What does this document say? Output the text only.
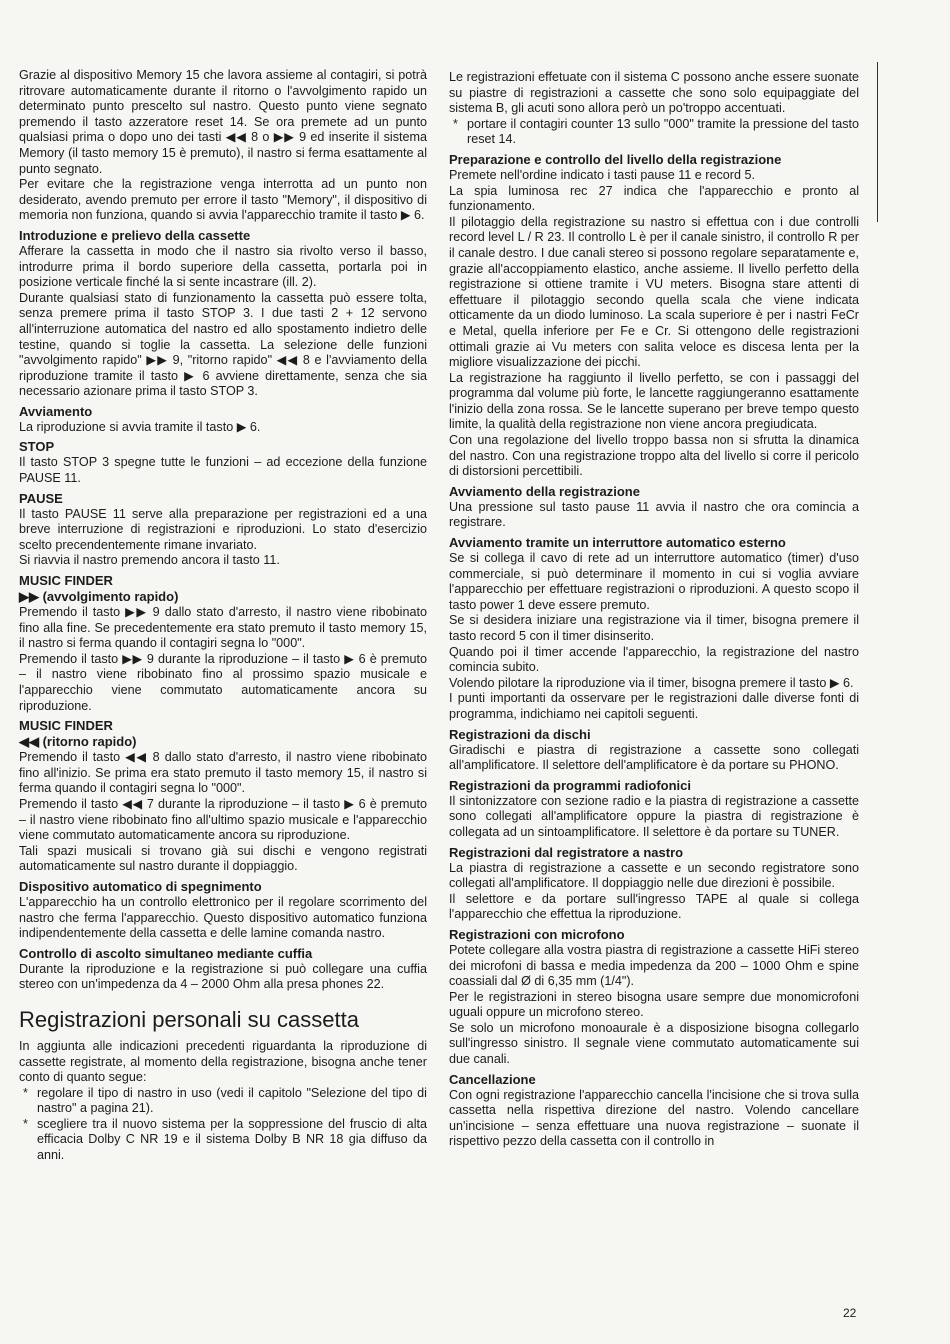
Grazie al dispositivo Memory 15 che lavora assieme al contagiri, si potrà ritrovare automaticamente durante il ritorno o l'avvolgimento rapido un determinato punto prescelto sul nastro. Questo punto viene segnato premendo il tasto azzeratore reset 14. Se ora premete ad un punto qualsiasi prima o dopo uno dei tasti ◀◀ 8 o ▶▶ 9 ed inserite il sistema Memory (il tasto memory 15 è premuto), il nastro si ferma esattamente al punto segnato.

Per evitare che la registrazione venga interrotta ad un punto non desiderato, avendo premuto per errore il tasto "Memory", il dispositivo di memoria non funziona, quando si avvia l'apparecchio tramite il tasto ▶ 6.

Introduzione e prelievo della cassette

Afferare la cassetta in modo che il nastro sia rivolto verso il basso, introdurre prima il bordo superiore della cassetta, portarla poi in posizione verticale finché la si sente incastrare (ill. 2).

Durante qualsiasi stato di funzionamento la cassetta può essere tolta, senza premere prima il tasto STOP 3. I due tasti 2 + 12 servono all'interruzione automatica del nastro ed allo spostamento indietro delle testine, quando si toglie la cassetta. La selezione delle funzioni "avvolgimento rapido" ▶▶ 9, "ritorno rapido" ◀◀ 8 e l'avviamento della riproduzione tramite il tasto ▶ 6 avviene direttamente, senza che sia necessario azionare prima il tasto STOP 3.

Avviamento

La riproduzione si avvia tramite il tasto ▶ 6.

STOP

Il tasto STOP 3 spegne tutte le funzioni – ad eccezione della funzione PAUSE 11.

PAUSE

Il tasto PAUSE 11 serve alla preparazione per registrazioni ed a una breve interruzione di registrazioni e riproduzioni. Lo stato d'esercizio scelto precendentemente rimane invariato.

Si riavvia il nastro premendo ancora il tasto 11.

MUSIC FINDER
▶▶ (avvolgimento rapido)

Premendo il tasto ▶▶ 9 dallo stato d'arresto, il nastro viene ribobinato fino alla fine. Se precedentemente era stato premuto il tasto memory 15, il nastro si ferma quando il contagiri segna lo "000".

Premendo il tasto ▶▶ 9 durante la riproduzione – il tasto ▶ 6 è premuto – il nastro viene ribobinato fino al prossimo spazio musicale e l'apparecchio viene commutato automaticamente ancora su riproduzione.

MUSIC FINDER
◀◀ (ritorno rapido)

Premendo il tasto ◀◀ 8 dallo stato d'arresto, il nastro viene ribobinato fino all'inizio. Se prima era stato premuto il tasto memory 15, il nastro si ferma quando il contagiri segna lo "000".

Premendo il tasto ◀◀ 7 durante la riproduzione – il tasto ▶ 6 è premuto – il nastro viene ribobinato fino all'ultimo spazio musicale e l'apparecchio viene commutato automaticamente ancora su riproduzione.

Tali spazi musicali si trovano già sui dischi e vengono registrati automaticamente sul nastro durante il doppiaggio.

Dispositivo automatico di spegnimento

L'apparecchio ha un controllo elettronico per il regolare scorrimento del nastro che ferma l'apparecchio. Questo dispositivo automatico funziona indipendentemente della cassetta e delle lamine comanda nastro.

Controllo di ascolto simultaneo mediante cuffia

Durante la riproduzione e la registrazione si può collegare una cuffia stereo con un'impedenza da 4 – 2000 Ohm alla presa phones 22.

Registrazioni personali su cassetta

In aggiunta alle indicazioni precedenti riguardanta la riproduzione di cassette registrate, al momento della registrazione, bisogna anche tener conto di quanto segue:

* regolare il tipo di nastro in uso (vedi il capitolo "Selezione del tipo di nastro" a pagina 21).

* scegliere tra il nuovo sistema per la soppressione del fruscio di alta efficacia Dolby C NR 19 e il sistema Dolby B NR 18 gia diffuso da anni.

Le registrazioni effetuate con il sistema C possono anche essere suonate su piastre di registrazioni a cassette che sono solo equipaggiate del sistema B, gli acuti sono allora però un po'troppo accentuati.

* portare il contagiri counter 13 sullo "000" tramite la pressione del tasto reset 14.

Preparazione e controllo del livello della registrazione

Premete nell'ordine indicato i tasti pause 11 e record 5.

La spia luminosa rec 27 indica che l'apparecchio e pronto al funzionamento.

Il pilotaggio della registrazione su nastro si effettua con i due controlli record level L / R 23. Il controllo L è per il canale sinistro, il controllo R per il canale destro. I due canali stereo si possono regolare separatamente e, grazie all'accoppiamento elastico, anche assieme. Il livello perfetto della registrazione si ottiene tramite i VU meters. Bisogna stare attenti di effettuare il pilotaggio secondo quella scala che viene indicata otticamente da un diodo luminoso. La scala superiore è per i nastri FeCr e Metal, quella inferiore per Fe e Cr. Si ottengono delle registrazioni ottimali grazie ai Vu meters con salita veloce es discesa lenta per la migliore visualizzazione dei picchi.

La registrazione ha raggiunto il livello perfetto, se con i passaggi del programma dal volume più forte, le lancette raggiungeranno esattamente l'inizio della zona rossa. Se le lancette superano per breve tempo questo limite, la qualità della registrazione non viene ancora pregiudicata.

Con una regolazione del livello troppo bassa non si sfrutta la dinamica del nastro. Con una registrazione troppo alta del livello si corre il pericolo di distorsioni percettibili.

Avviamento della registrazione

Una pressione sul tasto pause 11 avvia il nastro che ora comincia a registrare.

Avviamento tramite un interruttore automatico esterno

Se si collega il cavo di rete ad un interruttore automatico (timer) d'uso commerciale, si può determinare il momento in cui si voglia avviare l'apparecchio per effettuare registrazioni o riproduzioni. A questo scopo il tasto power 1 deve essere premuto.

Se si desidera iniziare una registrazione via il timer, bisogna premere il tasto record 5 con il timer disinserito.

Quando poi il timer accende l'apparecchio, la registrazione del nastro comincia subito.

Volendo pilotare la riproduzione via il timer, bisogna premere il tasto ▶ 6.

I punti importanti da osservare per le registrazioni dalle diverse fonti di programma, indichiamo nei capitoli seguenti.

Registrazioni da dischi

Giradischi e piastra di registrazione a cassette sono collegati all'amplificatore. Il selettore dell'amplificatore è da portare su PHONO.

Registrazioni da programmi radiofonici

Il sintonizzatore con sezione radio e la piastra di registrazione a cassette sono collegati all'amplificatore oppure la piastra di registrazione è collegata ad un sintoamplificatore. Il selettore è da portare su TUNER.

Registrazioni dal registratore a nastro

La piastra di registrazione a cassette e un secondo registratore sono collegati all'amplificatore. Il doppiaggio nelle due direzioni è possibile.

Il selettore e da portare sull'ingresso TAPE al quale si collega l'apparecchio che effettua la riproduzione.

Registrazioni con microfono

Potete collegare alla vostra piastra di registrazione a cassette HiFi stereo dei microfoni di bassa e media impedenza da 200 – 1000 Ohm e spine coassiali dal Ø di 6,35 mm (1/4").

Per le registrazioni in stereo bisogna usare sempre due monomicrofoni uguali oppure un microfono stereo.

Se solo un microfono monoaurale è a disposizione bisogna collegarlo sull'ingresso sinistro. Il segnale viene commutato automaticamente sui due canali.

Cancellazione

Con ogni registrazione l'apparecchio cancella l'incisione che si trova sulla cassetta nella rispettiva direzione del nastro. Volendo cancellare un'incisione – senza effettuare una nuova registrazione – suonate il rispettivo pezzo della cassetta con il controllo in

22
